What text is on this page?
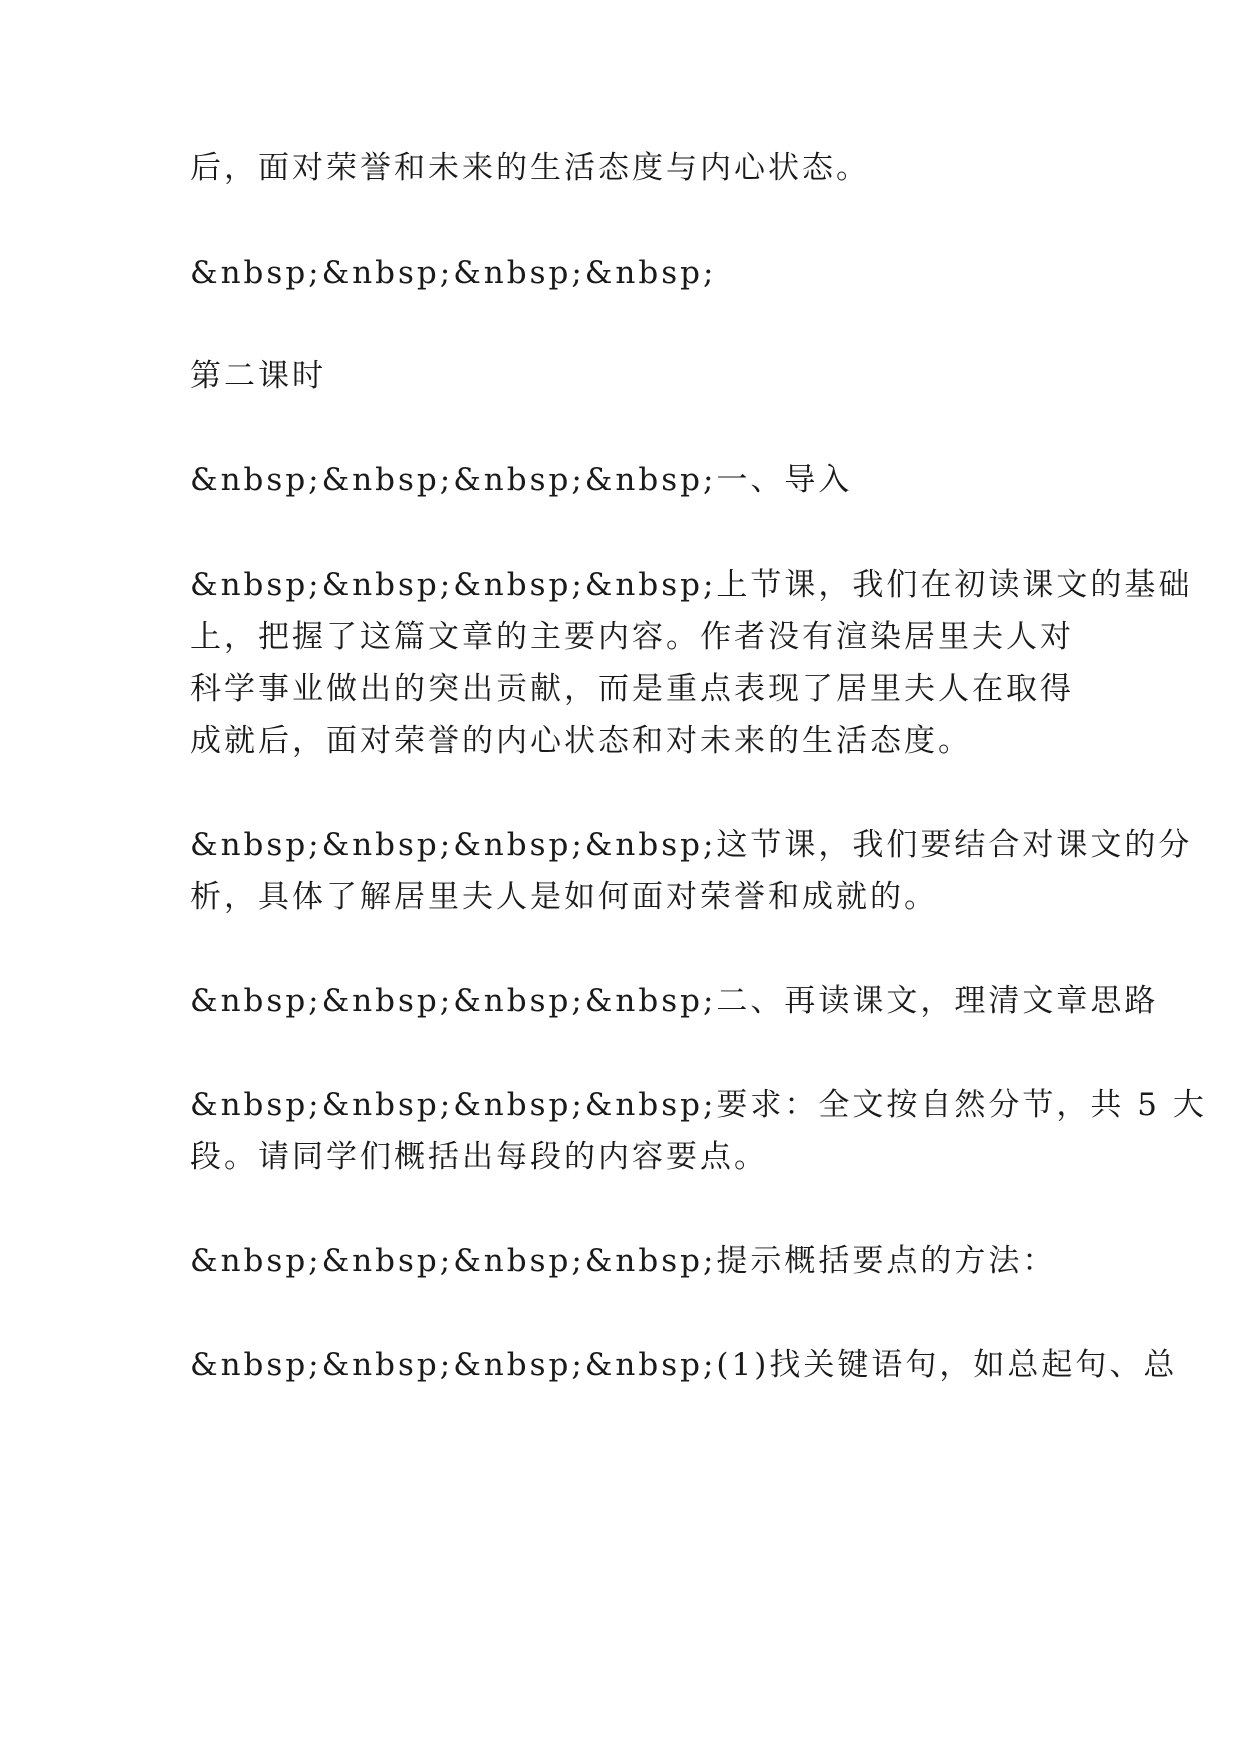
后，面对荣誉和未来的生活态度与内心状态。
&nbsp;&nbsp;&nbsp;&nbsp;
第二课时
&nbsp;&nbsp;&nbsp;&nbsp;一、导入
&nbsp;&nbsp;&nbsp;&nbsp;上节课，我们在初读课文的基础
上，把握了这篇文章的主要内容。作者没有渲染居里夫人对
科学事业做出的突出贡献，而是重点表现了居里夫人在取得
成就后，面对荣誉的内心状态和对未来的生活态度。
&nbsp;&nbsp;&nbsp;&nbsp;这节课，我们要结合对课文的分
析，具体了解居里夫人是如何面对荣誉和成就的。
&nbsp;&nbsp;&nbsp;&nbsp;二、再读课文，理清文章思路
&nbsp;&nbsp;&nbsp;&nbsp;要求：全文按自然分节，共 5 大
段。请同学们概括出每段的内容要点。
&nbsp;&nbsp;&nbsp;&nbsp;提示概括要点的方法：
&nbsp;&nbsp;&nbsp;&nbsp;(1)找关键语句，如总起句、总
